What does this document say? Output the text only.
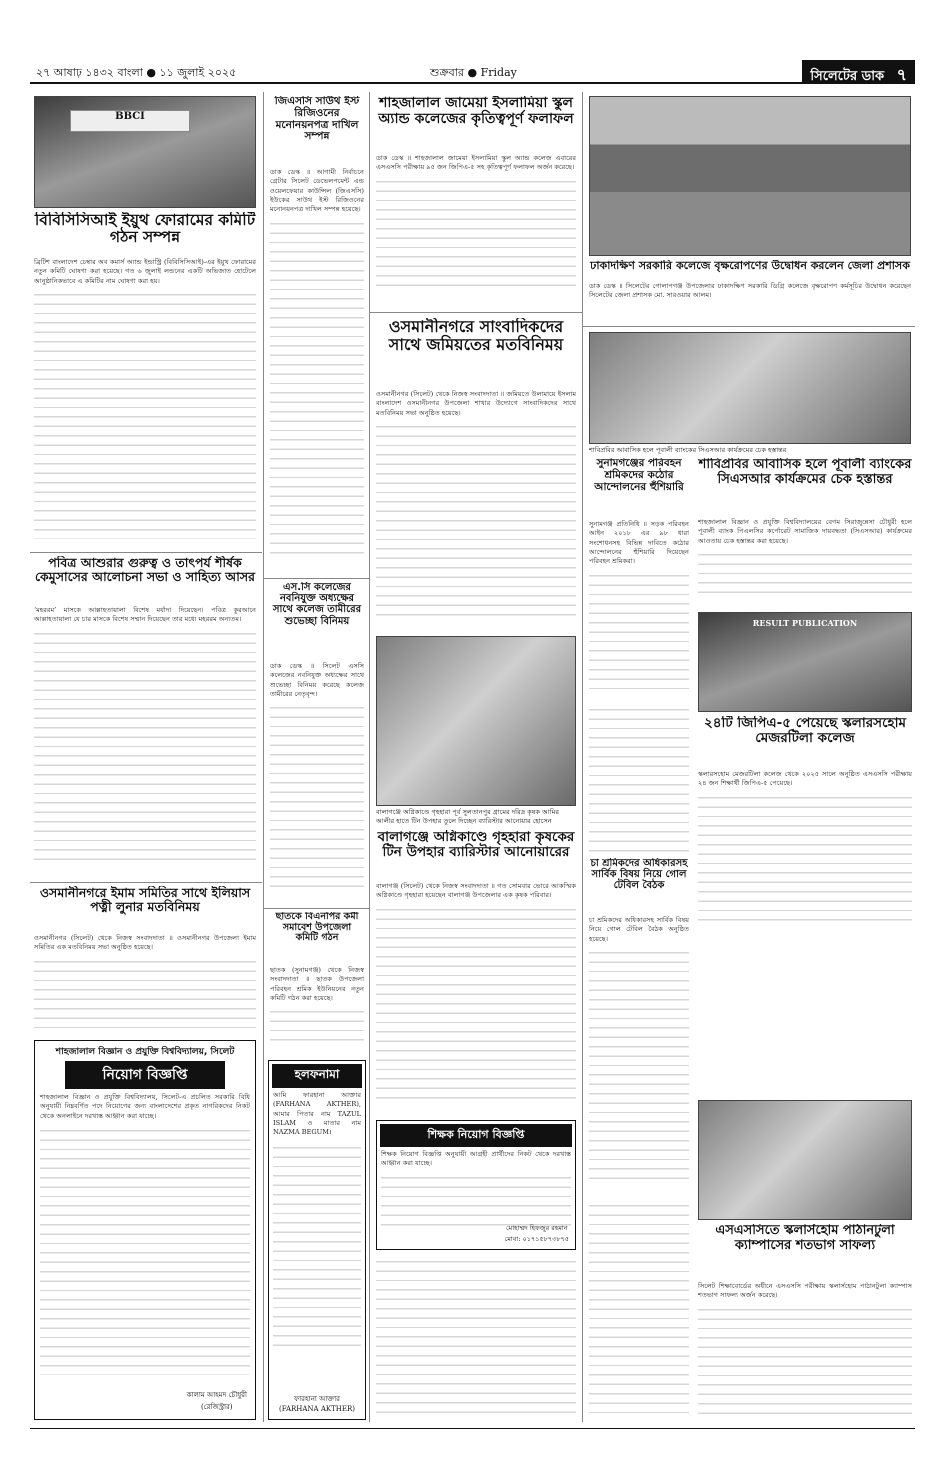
২৭ আষাঢ় ১৪৩২ বাংলা ● ১১ জুলাই ২০২৫	শুক্রবার ● Friday	সিলেটের ডাক ৭
BBCI
বিবিসিসিআই ইয়ুথ ফোরামের কমিটি গঠন সম্পন্ন
ব্রিটিশ বাংলাদেশ চেম্বার অব কমার্স অ্যান্ড ইন্ডাস্ট্রি (বিবিসিসিআই)-এর ইয়ুথ ফোরামের নতুন কমিটি ঘোষণা করা হয়েছে। গত ৬ জুলাই লন্ডনের একটি অভিজাত হোটেলে আনুষ্ঠানিকভাবে এ কমিটির নাম ঘোষণা করা হয়।
জিএসসি সাউথ ইস্ট রিজিওনের মনোনয়নপত্র দাখিল সম্পন্ন
ডাক ডেস্ক ॥ আগামী নির্বাচনে গ্রেটার সিলেট ডেভেলপমেন্ট এন্ড ওয়েলফেয়ার কাউন্সিল (জিএসসি) ইউকের সাউথ ইস্ট রিজিওনের মনোনয়নপত্র দাখিল সম্পন্ন হয়েছে।
শাহজালাল জামেয়া ইসলামিয়া স্কুল অ্যান্ড কলেজের কৃতিত্বপূর্ণ ফলাফল
ডাক ডেস্ক ॥ শাহজালাল জামেয়া ইসলামিয়া স্কুল অ্যান্ড কলেজ এবারের এসএসসি পরীক্ষায় ৯৫ জন জিপিএ-৫ সহ কৃতিত্বপূর্ণ ফলাফল অর্জন করেছে।
ঢাকাদক্ষিণ সরকারি কলেজে বৃক্ষরোপণের উদ্বোধন করলেন জেলা প্রশাসক
ডাক ডেস্ক ॥ সিলেটের গোলাপগঞ্জ উপজেলার ঢাকাদক্ষিণ সরকারি ডিগ্রি কলেজে বৃক্ষরোপণ কর্মসূচির উদ্বোধন করেছেন সিলেটের জেলা প্রশাসক মো. সারওয়ার আলম।
ওসমানীনগরে সাংবাদিকদের সাথে জমিয়তের মতবিনিময়
ওসমানীনগর (সিলেট) থেকে নিজস্ব সংবাদদাতা ॥ জমিয়তে উলামায়ে ইসলাম বাংলাদেশ ওসমানীনগর উপজেলা শাখার উদ্যোগে সাংবাদিকদের সাথে মতবিনিময় সভা অনুষ্ঠিত হয়েছে।
শাবিপ্রবির আবাসিক হলে পূবালী ব্যাংকের সিএসআর কার্যক্রমের চেক হস্তান্তর
সুনামগঞ্জের পরিবহন শ্রমিকদের কঠোর আন্দোলনের হুঁশিয়ারি
সুনামগঞ্জ প্রতিনিধি ॥ সড়ক পরিবহন আইন ২০১৮ এর ৯৮ ধারা সংশোধনসহ বিভিন্ন দাবিতে কঠোর আন্দোলনের হুঁশিয়ারি দিয়েছেন পরিবহন শ্রমিকরা।
শাবিপ্রবির আবাসিক হলে পূবালী ব্যাংকের সিএসআর কার্যক্রমের চেক হস্তান্তর
শাহজালাল বিজ্ঞান ও প্রযুক্তি বিশ্ববিদ্যালয়ের বেগম সিরাজুন্নেসা চৌধুরী হলে পূবালী ব্যাংক পিএলসির কর্পোরেট সামাজিক দায়বদ্ধতা (সিএসআর) কার্যক্রমের আওতায় চেক হস্তান্তর করা হয়েছে।
RESULT PUBLICATION
পবিত্র আশুরার গুরুত্ব ও তাৎপর্য শীর্ষক কেমুসাসের আলোচনা সভা ও সাহিত্য আসর
‘মহররম’ মাসকে আল্লাহতায়ালা বিশেষ মর্যাদা দিয়েছেন। পবিত্র কুরআনে আল্লাহতায়ালা যে চার মাসকে বিশেষ সম্মান দিয়েছেন তার মধ্যে মহররম অন্যতম।
এস.সি কলেজের নবনিযুক্ত অধ্যক্ষের সাথে কলেজ তামীরের শুভেচ্ছা বিনিময়
ডাক ডেস্ক ॥ সিলেট এসসি কলেজের নবনিযুক্ত অধ্যক্ষের সাথে শুভেচ্ছা বিনিময় করেছে কলেজ তামীরের নেতৃবৃন্দ।
বালাগঞ্জে অগ্নিকাণ্ডে গৃহহারা পূর্ব সুলতানপুর গ্রামের দরিদ্র কৃষক আমির আলীর হাতে টিন উপহার তুলে দিচ্ছেন ব্যারিস্টার আনোয়ার হোসেন
বালাগঞ্জে অগ্নিকাণ্ডে গৃহহারা কৃষকের টিন উপহার ব্যারিস্টার আনোয়ারের
বালাগঞ্জ (সিলেট) থেকে নিজস্ব সংবাদদাতা ॥ গত সোমবার ভোরে আকস্মিক অগ্নিকাণ্ডে গৃহহারা হয়েছেন বালাগঞ্জ উপজেলার এক কৃষক পরিবার।
২৪টি জিপিএ-৫ পেয়েছে স্কলারসহোম মেজরটিলা কলেজ
স্কলারসহোম মেজরটিলা কলেজ থেকে ২০২৫ সালে অনুষ্ঠিত এসএসসি পরীক্ষায় ২৪ জন শিক্ষার্থী জিপিএ-৫ পেয়েছে।
ওসমানীনগরে ইমাম সমিতির সাথে ইলিয়াস পত্নী লুনার মতবিনিময়
ওসমানীনগর (সিলেট) থেকে নিজস্ব সংবাদদাতা ॥ ওসমানীনগর উপজেলা ইমাম সমিতির এক মতবিনিময় সভা অনুষ্ঠিত হয়েছে।
ছাতকে বিএনপির কর্মী সমাবেশ উপজেলা কমিটি গঠন
ছাতক (সুনামগঞ্জ) থেকে নিজস্ব সংবাদদাতা ॥ ছাতক উপজেলা পরিবহন শ্রমিক ইউনিয়নের নতুন কমিটি গঠন করা হয়েছে।
চা শ্রমিকদের অধিকারসহ সার্বিক বিষয় নিয়ে গোল টেবিল বৈঠক
চা শ্রমিকদের অধিকারসহ সার্বিক বিষয় নিয়ে গোল টেবিল বৈঠক অনুষ্ঠিত হয়েছে।
শাহজালাল বিজ্ঞান ও প্রযুক্তি বিশ্ববিদ্যালয়, সিলেট
নিয়োগ বিজ্ঞপ্তি
শাহজালাল বিজ্ঞান ও প্রযুক্তি বিশ্ববিদ্যালয়, সিলেট-এ প্রচলিত সরকারি বিধি অনুযায়ী নিম্নবর্ণিত পদে নিয়োগের জন্য বাংলাদেশের প্রকৃত নাগরিকদের নিকট থেকে অনলাইনে দরখাস্ত আহ্বান করা যাচ্ছে।
কালাম আহমদ চৌধুরী
(রেজিস্ট্রার)
হলফনামা
আমি ফারহানা আক্তার (FARHANA AKTHER), আমার পিতার নাম TAZUL ISLAM ও মাতার নাম NAZMA BEGUM।
ফারহানা আক্তার
(FARHANA AKTHER)
শিক্ষক নিয়োগ বিজ্ঞপ্তি
শিক্ষক নিয়োগ বিজ্ঞপ্তি অনুযায়ী আগ্রহী প্রার্থীদের নিকট থেকে দরখাস্ত আহ্বান করা যাচ্ছে।
মোহাম্মদ হিফজুর রহমান
মোবা: ০১৭১৫৮৭৩৮৭৫
এসএসসিতে স্কলার্সহোম পাঠানটুলা ক্যাম্পাসের শতভাগ সাফল্য
সিলেট শিক্ষাবোর্ডের অধীনে এসএসসি পরীক্ষায় স্কলার্সহোম পাঠানটুলা ক্যাম্পাস শতভাগ সাফল্য অর্জন করেছে।
